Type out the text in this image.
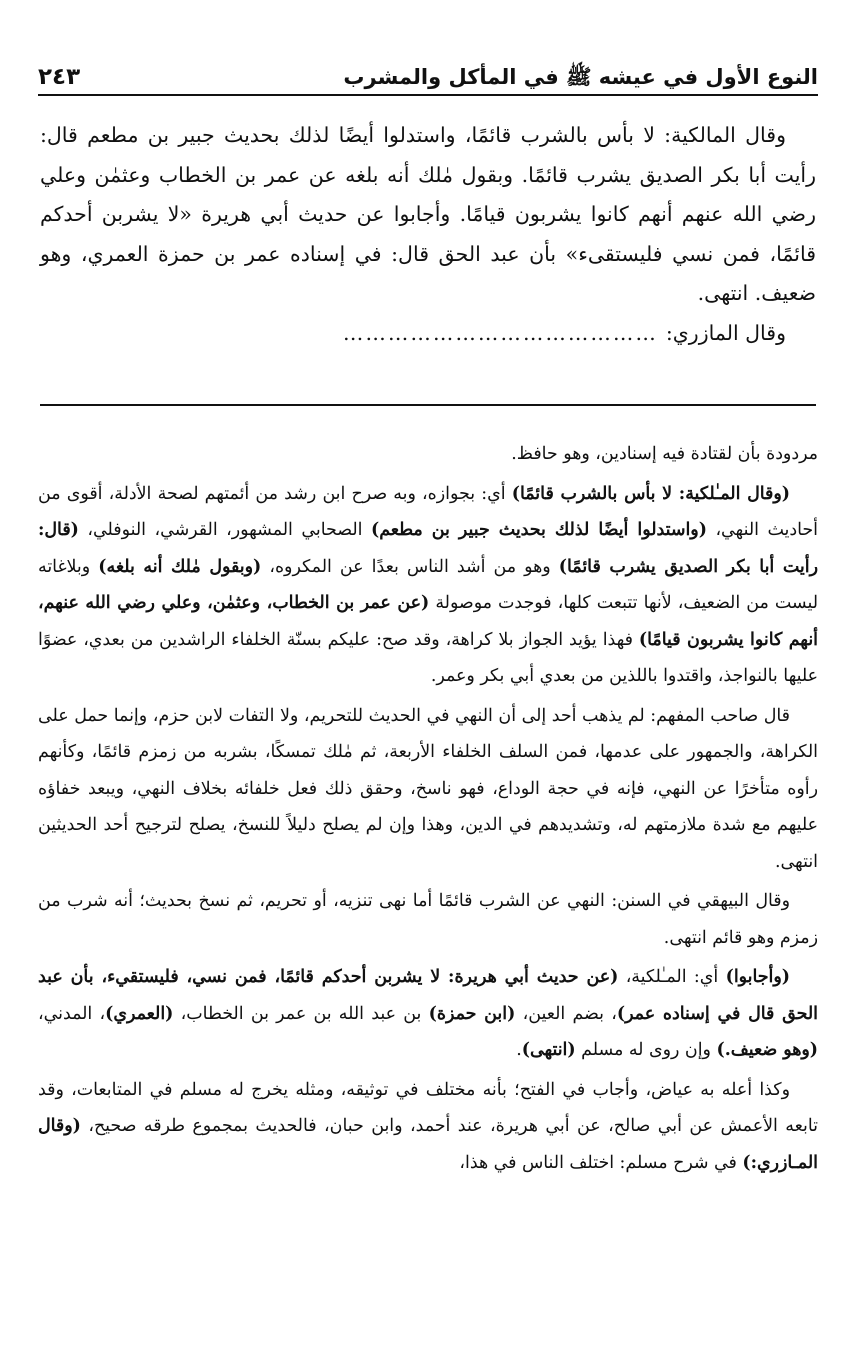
النوع الأول في عيشه ﷺ في المأكل والمشرب
٢٤٣

وقال المالكية: لا بأس بالشرب قائمًا، واستدلوا أيضًا لذلك بحديث جبير بن مطعم قال: رأيت أبا بكر الصديق يشرب قائمًا. وبقول مٰلك أنه بلغه عن عمر بن الخطاب وعثمٰن وعلي رضي الله عنهم أنهم كانوا يشربون قيامًا. وأجابوا عن حديث أبي هريرة «لا يشربن أحدكم قائمًا، فمن نسي فليستقىء» بأن عبد الحق قال: في إسناده عمر بن حمزة العمري، وهو ضعيف. انتهى.

وقال المازري:
……………………………………

مردودة بأن لقتادة فيه إسنادين، وهو حافظ.

(وقال المـٰلكية: لا بأس بالشرب قائمًا) أي: بجوازه، وبه صرح ابن رشد من أئمتهم لصحة الأدلة، أقوى من أحاديث النهي، (واستدلوا أيضًا لذلك بحديث جبير بن مطعم) الصحابي المشهور، القرشي، النوفلي، (قال: رأيت أبا بكر الصديق يشرب قائمًا) وهو من أشد الناس بعدًا عن المكروه، (وبقول مٰلك أنه بلغه) وبلاغاته ليست من الضعيف، لأنها تتبعت كلها، فوجدت موصولة (عن عمر بن الخطاب، وعثمٰن، وعلي رضي الله عنهم، أنهم كانوا يشربون قيامًا) فهذا يؤيد الجواز بلا كراهة، وقد صح: عليكم بسنّة الخلفاء الراشدين من بعدي، عضوًا عليها بالنواجذ، واقتدوا باللذين من بعدي أبي بكر وعمر.

قال صاحب المفهم: لم يذهب أحد إلى أن النهي في الحديث للتحريم، ولا التفات لابن حزم، وإنما حمل على الكراهة، والجمهور على عدمها، فمن السلف الخلفاء الأربعة، ثم مٰلك تمسكًا، بشربه من زمزم قائمًا، وكأنهم رأوه متأخرًا عن النهي، فإنه في حجة الوداع، فهو ناسخ، وحقق ذلك فعل خلفائه بخلاف النهي، ويبعد خفاؤه عليهم مع شدة ملازمتهم له، وتشديدهم في الدين، وهذا وإن لم يصلح دليلاً للنسخ، يصلح لترجيح أحد الحديثين انتهى.

وقال البيهقي في السنن: النهي عن الشرب قائمًا أما نهى تنزيه، أو تحريم، ثم نسخ بحديث؛ أنه شرب من زمزم وهو قائم انتهى.

(وأجابوا) أي: المـٰلكية، (عن حديث أبي هريرة: لا يشربن أحدكم قائمًا، فمن نسي، فليستقيء، بأن عبد الحق قال في إسناده عمر)، بضم العين، (ابن حمزة) بن عبد الله بن عمر بن الخطاب، (العمري)، المدني، (وهو ضعيف.) وإن روى له مسلم (انتهى).

وكذا أعله به عياض، وأجاب في الفتح؛ بأنه مختلف في توثيقه، ومثله يخرج له مسلم في المتابعات، وقد تابعه الأعمش عن أبي صالح، عن أبي هريرة، عند أحمد، وابن حبان، فالحديث بمجموع طرقه صحيح، (وقال المـازري:) في شرح مسلم: اختلف الناس في هذا،
